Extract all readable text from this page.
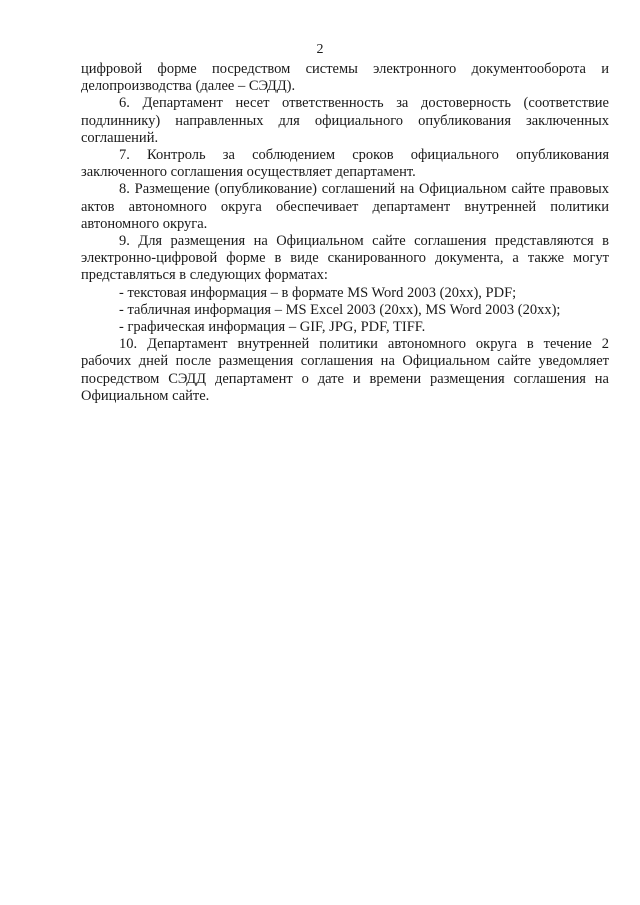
2

цифровой форме посредством системы электронного документооборота и делопроизводства (далее – СЭДД).

6. Департамент несет ответственность за достоверность (соответствие подлиннику) направленных для официального опубликования заключенных соглашений.

7. Контроль за соблюдением сроков официального опубликования заключенного соглашения осуществляет департамент.

8. Размещение (опубликование) соглашений на Официальном сайте правовых актов автономного округа обеспечивает департамент внутренней политики автономного округа.

9. Для размещения на Официальном сайте соглашения представляются в электронно-цифровой форме в виде сканированного документа, а также могут представляться в следующих форматах:

- текстовая информация – в формате MS Word 2003 (20xx), PDF;

- табличная информация – MS Excel 2003 (20xx), MS Word 2003 (20xx);

- графическая информация – GIF, JPG, PDF, TIFF.

10. Департамент внутренней политики автономного округа в течение 2 рабочих дней после размещения соглашения на Официальном сайте уведомляет посредством СЭДД департамент о дате и времени размещения соглашения на Официальном сайте.
